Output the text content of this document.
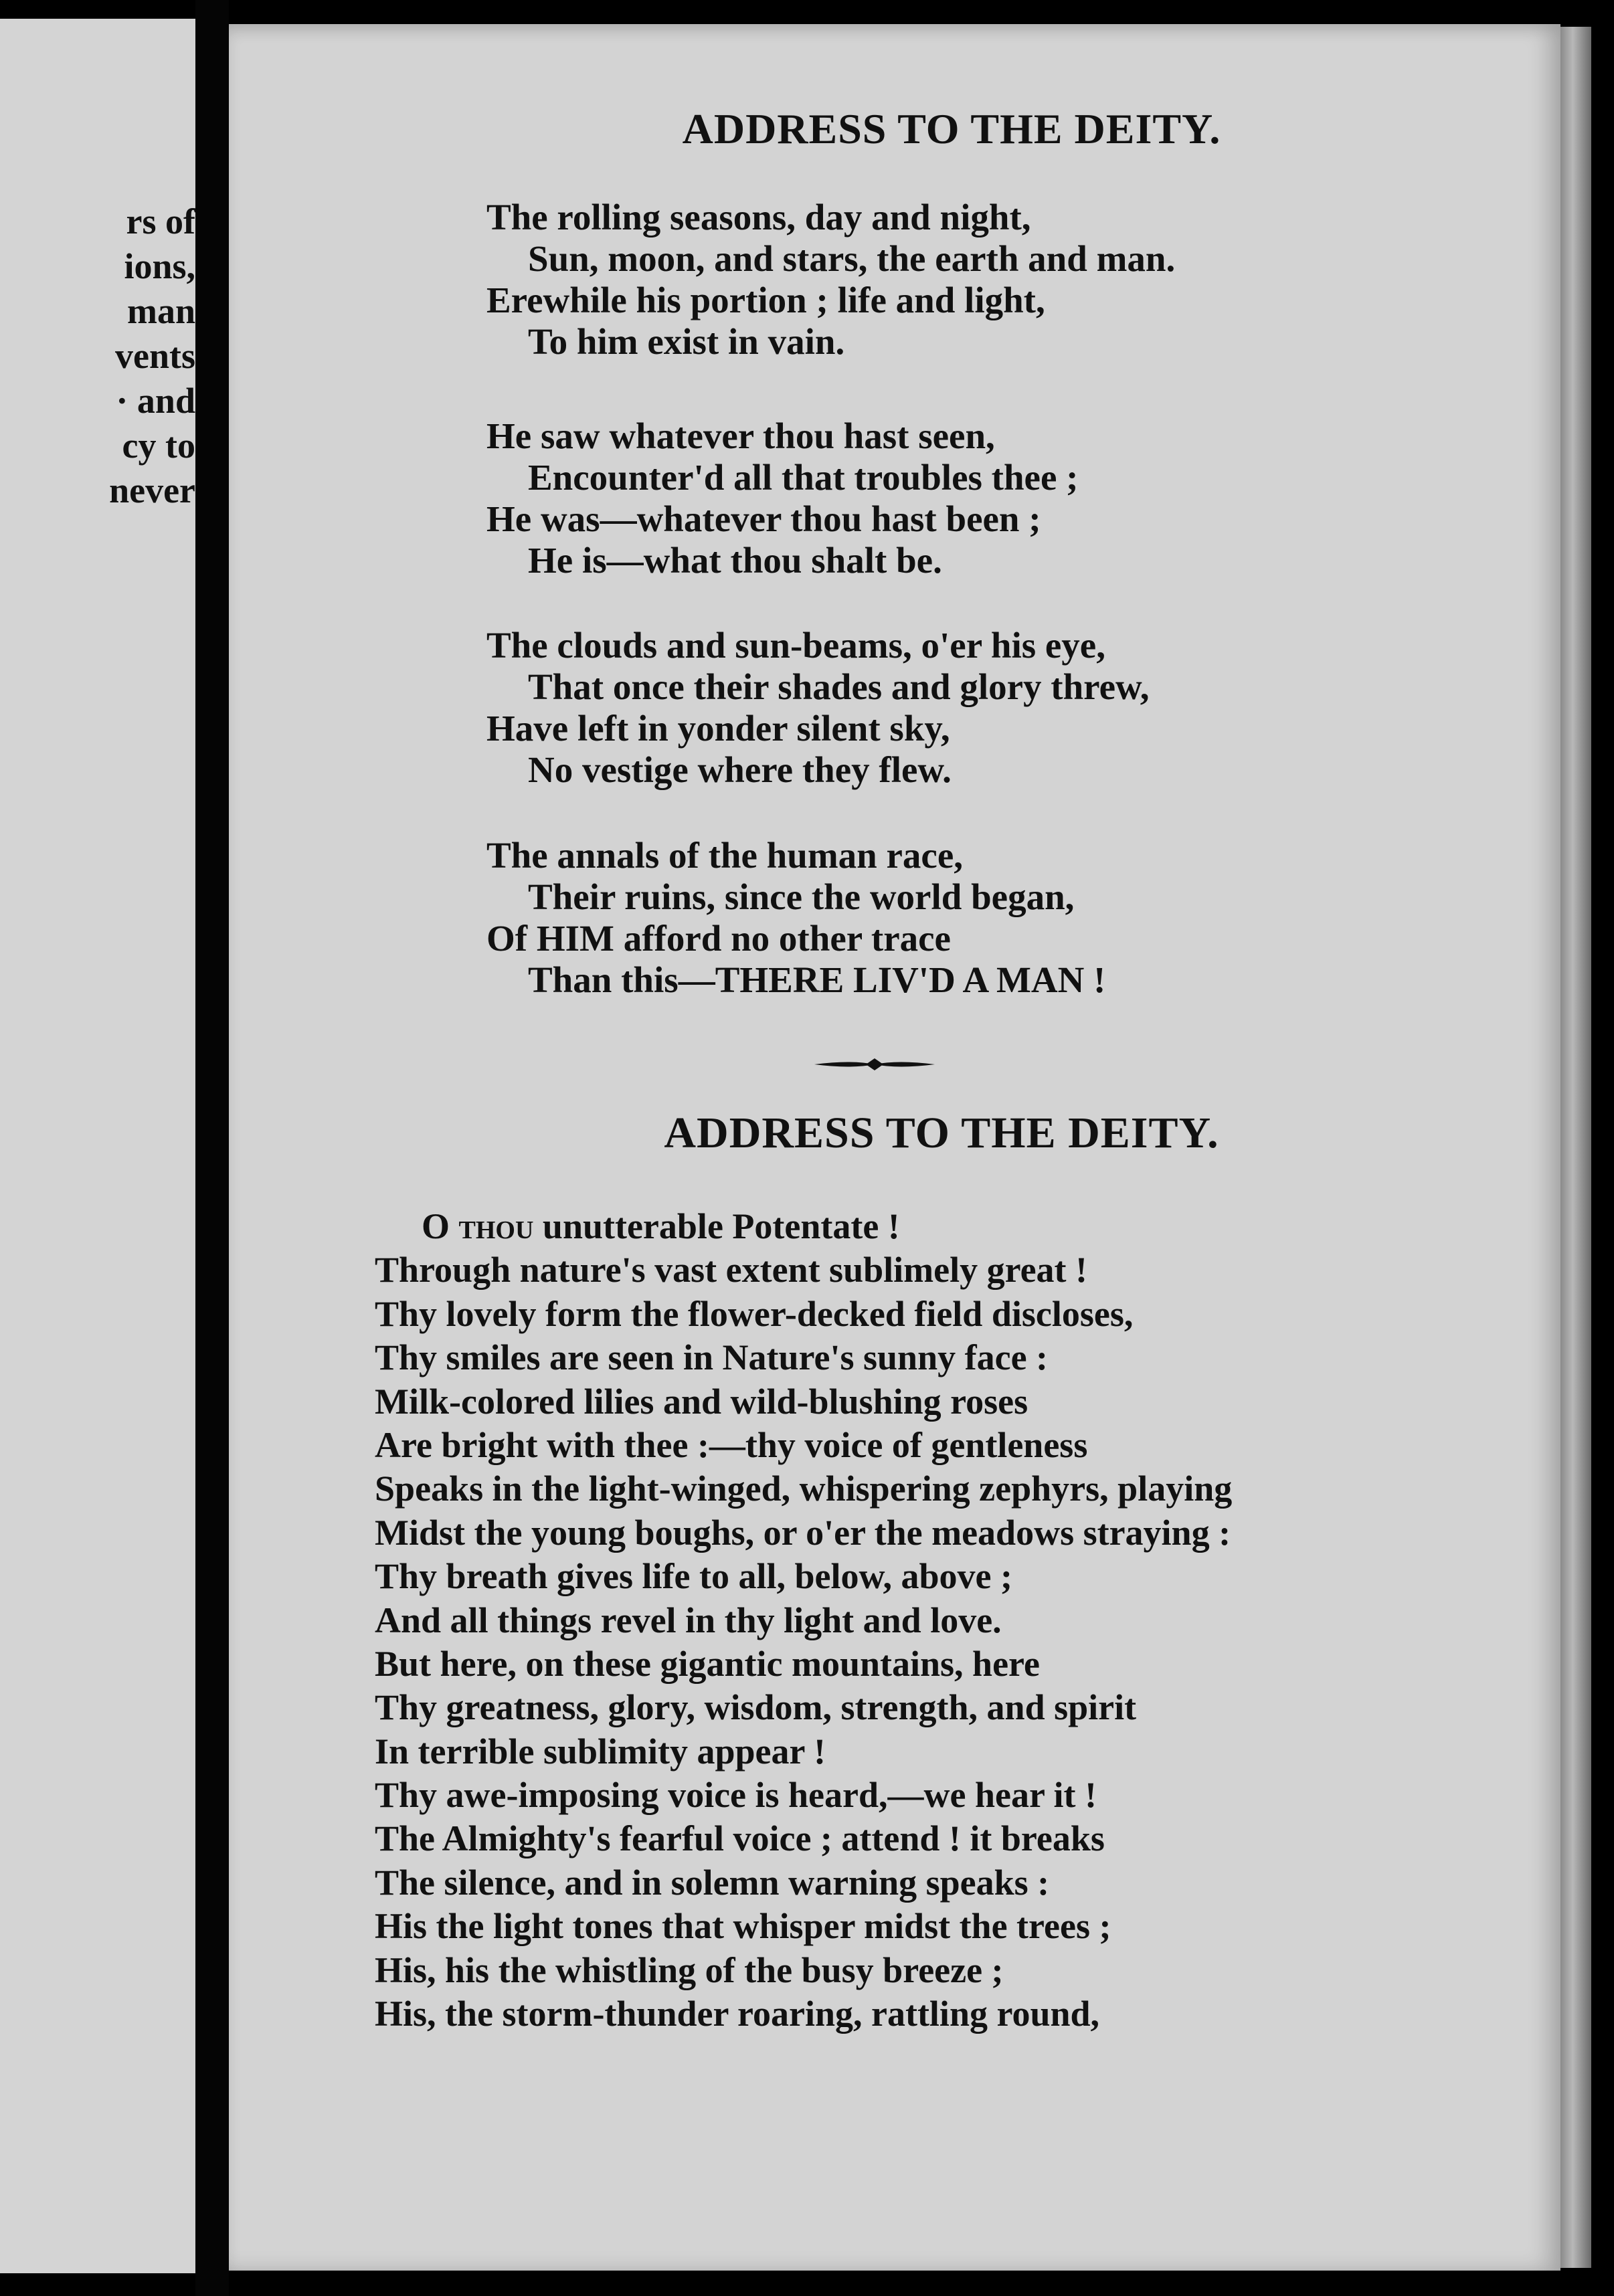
rs of
ions,
man
vents
· and
cy to
never
ADDRESS TO THE DEITY.
The rolling seasons, day and night,
Sun, moon, and stars, the earth and man.
Erewhile his portion ; life and light,
To him exist in vain.
He saw whatever thou hast seen,
Encounter'd all that troubles thee ;
He was—whatever thou hast been ;
He is—what thou shalt be.
The clouds and sun-beams, o'er his eye,
That once their shades and glory threw,
Have left in yonder silent sky,
No vestige where they flew.
The annals of the human race,
Their ruins, since the world began,
Of HIM afford no other trace
Than this—THERE LIV'D A MAN !
ADDRESS TO THE DEITY.
O thou unutterable Potentate !
Through nature's vast extent sublimely great !
Thy lovely form the flower-decked field discloses,
Thy smiles are seen in Nature's sunny face :
Milk-colored lilies and wild-blushing roses
Are bright with thee :—thy voice of gentleness
Speaks in the light-winged, whispering zephyrs, playing
Midst the young boughs, or o'er the meadows straying :
Thy breath gives life to all, below, above ;
And all things revel in thy light and love.
But here, on these gigantic mountains, here
Thy greatness, glory, wisdom, strength, and spirit
In terrible sublimity appear !
Thy awe-imposing voice is heard,—we hear it !
The Almighty's fearful voice ; attend ! it breaks
The silence, and in solemn warning speaks :
His the light tones that whisper midst the trees ;
His, his the whistling of the busy breeze ;
His, the storm-thunder roaring, rattling round,
